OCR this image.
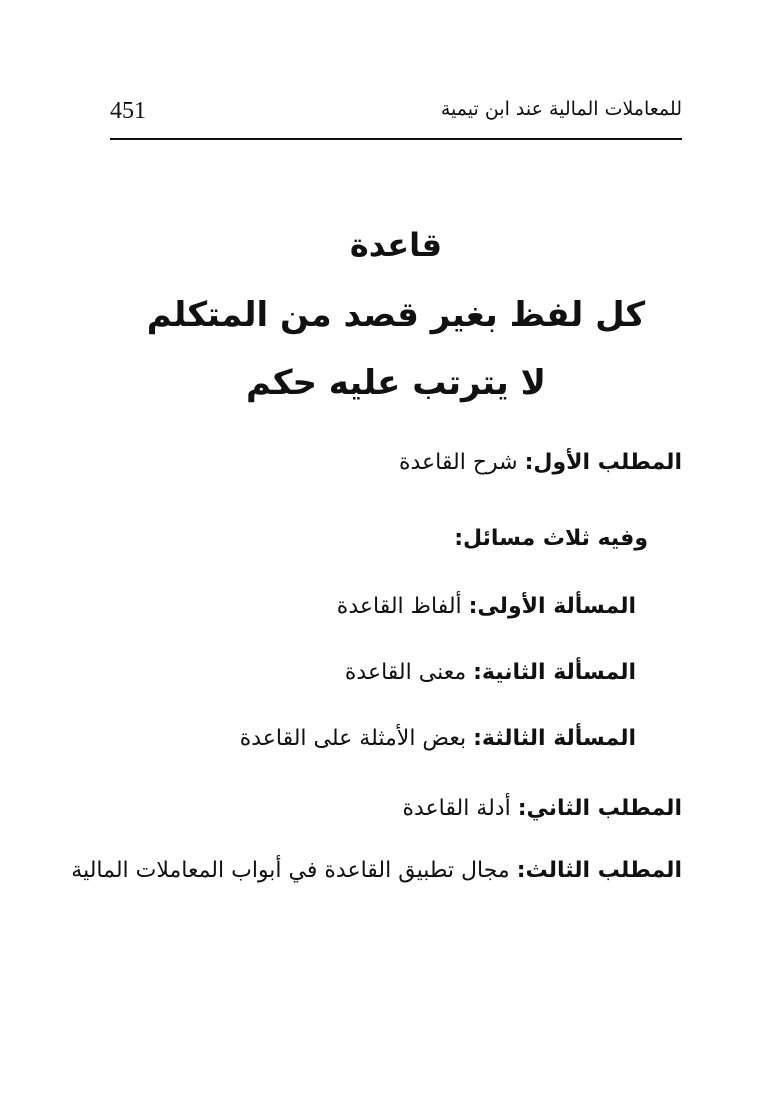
451	للمعاملات المالية عند ابن تيمية
قاعدة
كل لفظ بغير قصد من المتكلم
لا يترتب عليه حكم
المطلب الأول: شرح القاعدة
وفيه ثلاث مسائل:
المسألة الأولى: ألفاظ القاعدة
المسألة الثانية: معنى القاعدة
المسألة الثالثة: بعض الأمثلة على القاعدة
المطلب الثاني: أدلة القاعدة
المطلب الثالث: مجال تطبيق القاعدة في أبواب المعاملات المالية
